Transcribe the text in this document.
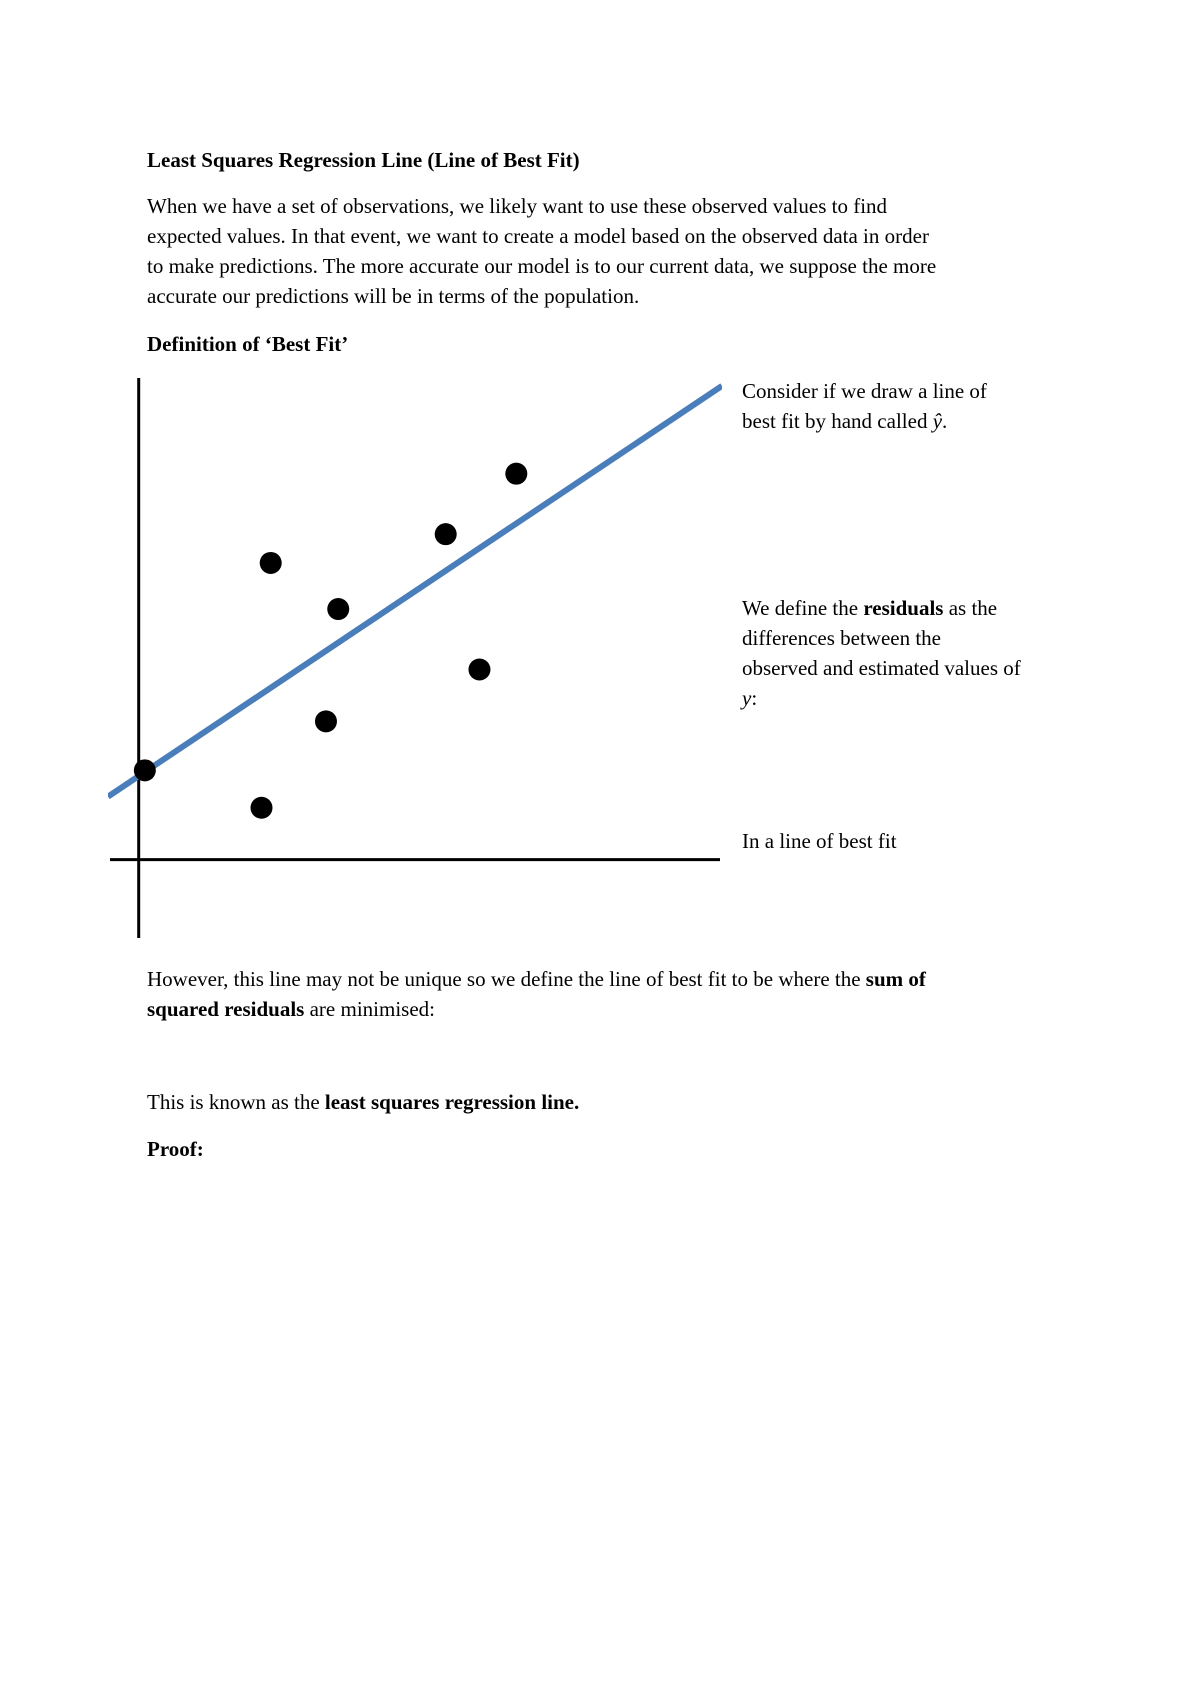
Least Squares Regression Line (Line of Best Fit)
When we have a set of observations, we likely want to use these observed values to find
expected values. In that event, we want to create a model based on the observed data in order
to make predictions. The more accurate our model is to our current data, we suppose the more
accurate our predictions will be in terms of the population.
Definition of ‘Best Fit’
Consider if we draw a line of
best fit by hand called ŷ.
We define the residuals as the
differences between the
observed and estimated values of
y:
In a line of best fit
However, this line may not be unique so we define the line of best fit to be where the sum of
squared residuals are minimised:
This is known as the least squares regression line.
Proof:
